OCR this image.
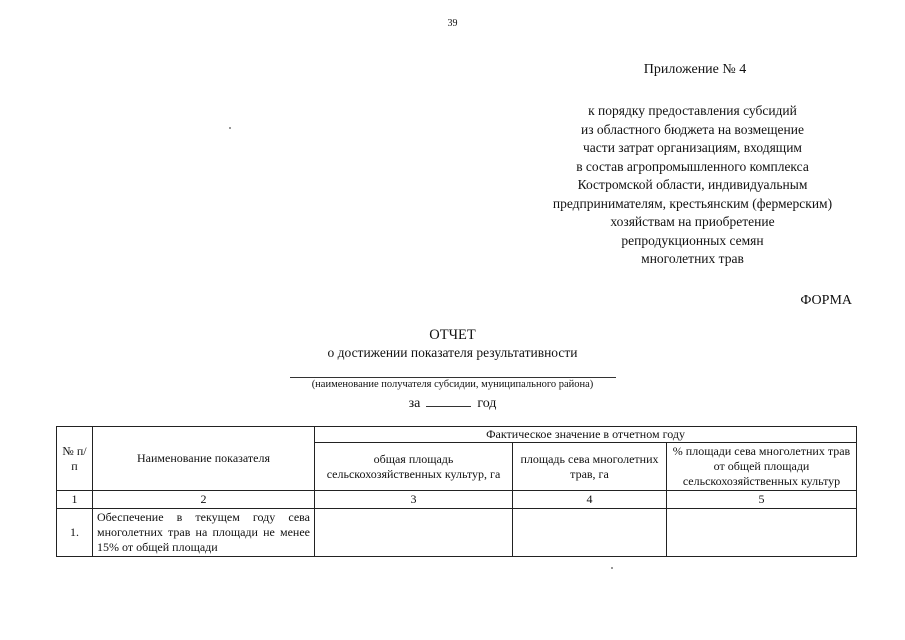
39
Приложение № 4
к порядку предоставления субсидий
из областного бюджета на возмещение
части затрат организациям, входящим
в состав агропромышленного комплекса
Костромской области, индивидуальным
предпринимателям, крестьянским (фермерским)
хозяйствам на приобретение
репродукционных семян
многолетних трав
ФОРМА
ОТЧЕТ
о достижении показателя результативности
(наименование получателя субсидии, муниципального района)
за	год
№ п/п	Наименование показателя	Фактическое значение в отчетном году		
		общая площадь сельскохозяйственных культур, га	площадь сева многолетних трав, га	% площади сева многолетних трав от общей площади сельскохозяйственных культур
1	2	3	4	5
1.	Обеспечение в текущем году сева многолетних трав на площади не менее 15% от общей площади			
